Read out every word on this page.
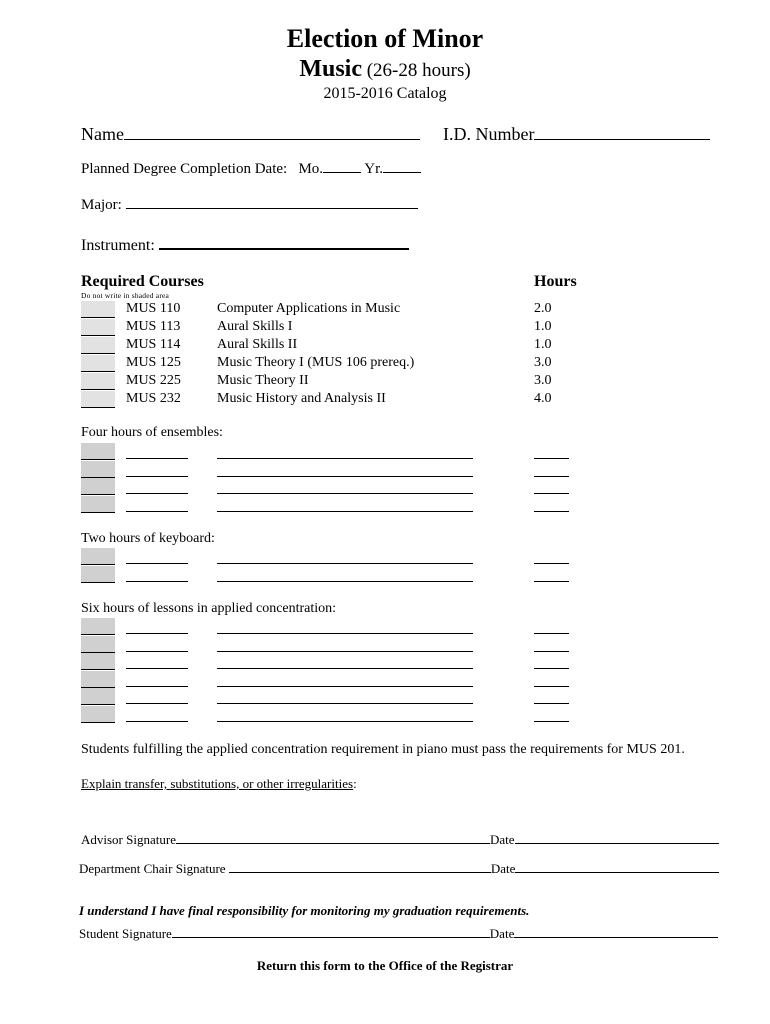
Election of Minor
Music (26-28 hours)
2015-2016 Catalog
Name	I.D. Number
Planned Degree Completion Date: Mo.	Yr.
Major:
Instrument:
Required Courses	Hours
Do not write in shaded area
MUS 110	Computer Applications in Music	2.0
MUS 113	Aural Skills I	1.0
MUS 114	Aural Skills II	1.0
MUS 125	Music Theory I (MUS 106 prereq.)	3.0
MUS 225	Music Theory II	3.0
MUS 232	Music History and Analysis II	4.0
Four hours of ensembles:
Two hours of keyboard:
Six hours of lessons in applied concentration:
Students fulfilling the applied concentration requirement in piano must pass the requirements for MUS 201.
Explain transfer, substitutions, or other irregularities:
Advisor Signature	Date
Department Chair Signature	Date
I understand I have final responsibility for monitoring my graduation requirements.
Student Signature	Date
Return this form to the Office of the Registrar
